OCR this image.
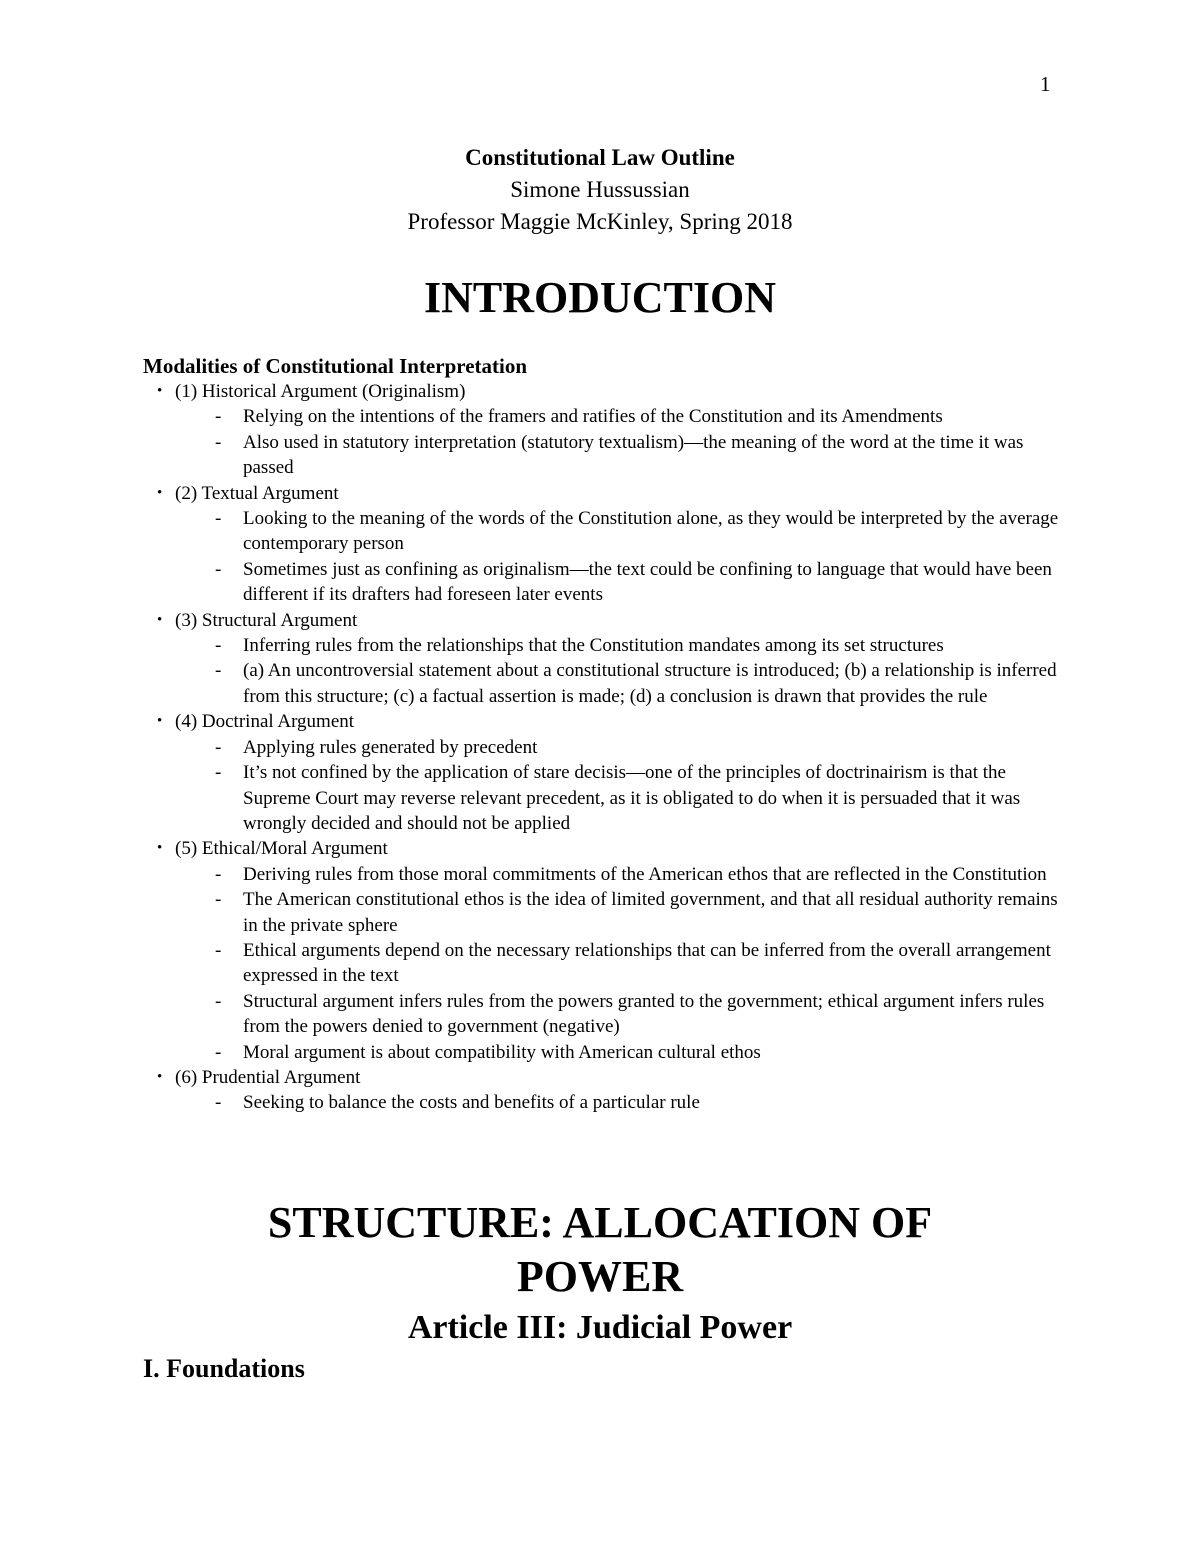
1
Constitutional Law Outline
Simone Hussussian
Professor Maggie McKinley, Spring 2018
INTRODUCTION
Modalities of Constitutional Interpretation
• (1) Historical Argument (Originalism)
- Relying on the intentions of the framers and ratifies of the Constitution and its Amendments
- Also used in statutory interpretation (statutory textualism)—the meaning of the word at the time it was passed
• (2) Textual Argument
- Looking to the meaning of the words of the Constitution alone, as they would be interpreted by the average contemporary person
- Sometimes just as confining as originalism—the text could be confining to language that would have been different if its drafters had foreseen later events
• (3) Structural Argument
- Inferring rules from the relationships that the Constitution mandates among its set structures
- (a) An uncontroversial statement about a constitutional structure is introduced; (b) a relationship is inferred from this structure; (c) a factual assertion is made; (d) a conclusion is drawn that provides the rule
• (4) Doctrinal Argument
- Applying rules generated by precedent
- It’s not confined by the application of stare decisis—one of the principles of doctrinairism is that the Supreme Court may reverse relevant precedent, as it is obligated to do when it is persuaded that it was wrongly decided and should not be applied
• (5) Ethical/Moral Argument
- Deriving rules from those moral commitments of the American ethos that are reflected in the Constitution
- The American constitutional ethos is the idea of limited government, and that all residual authority remains in the private sphere
- Ethical arguments depend on the necessary relationships that can be inferred from the overall arrangement expressed in the text
- Structural argument infers rules from the powers granted to the government; ethical argument infers rules from the powers denied to government (negative)
- Moral argument is about compatibility with American cultural ethos
• (6) Prudential Argument
- Seeking to balance the costs and benefits of a particular rule
STRUCTURE: ALLOCATION OF
POWER
Article III: Judicial Power
I. Foundations
